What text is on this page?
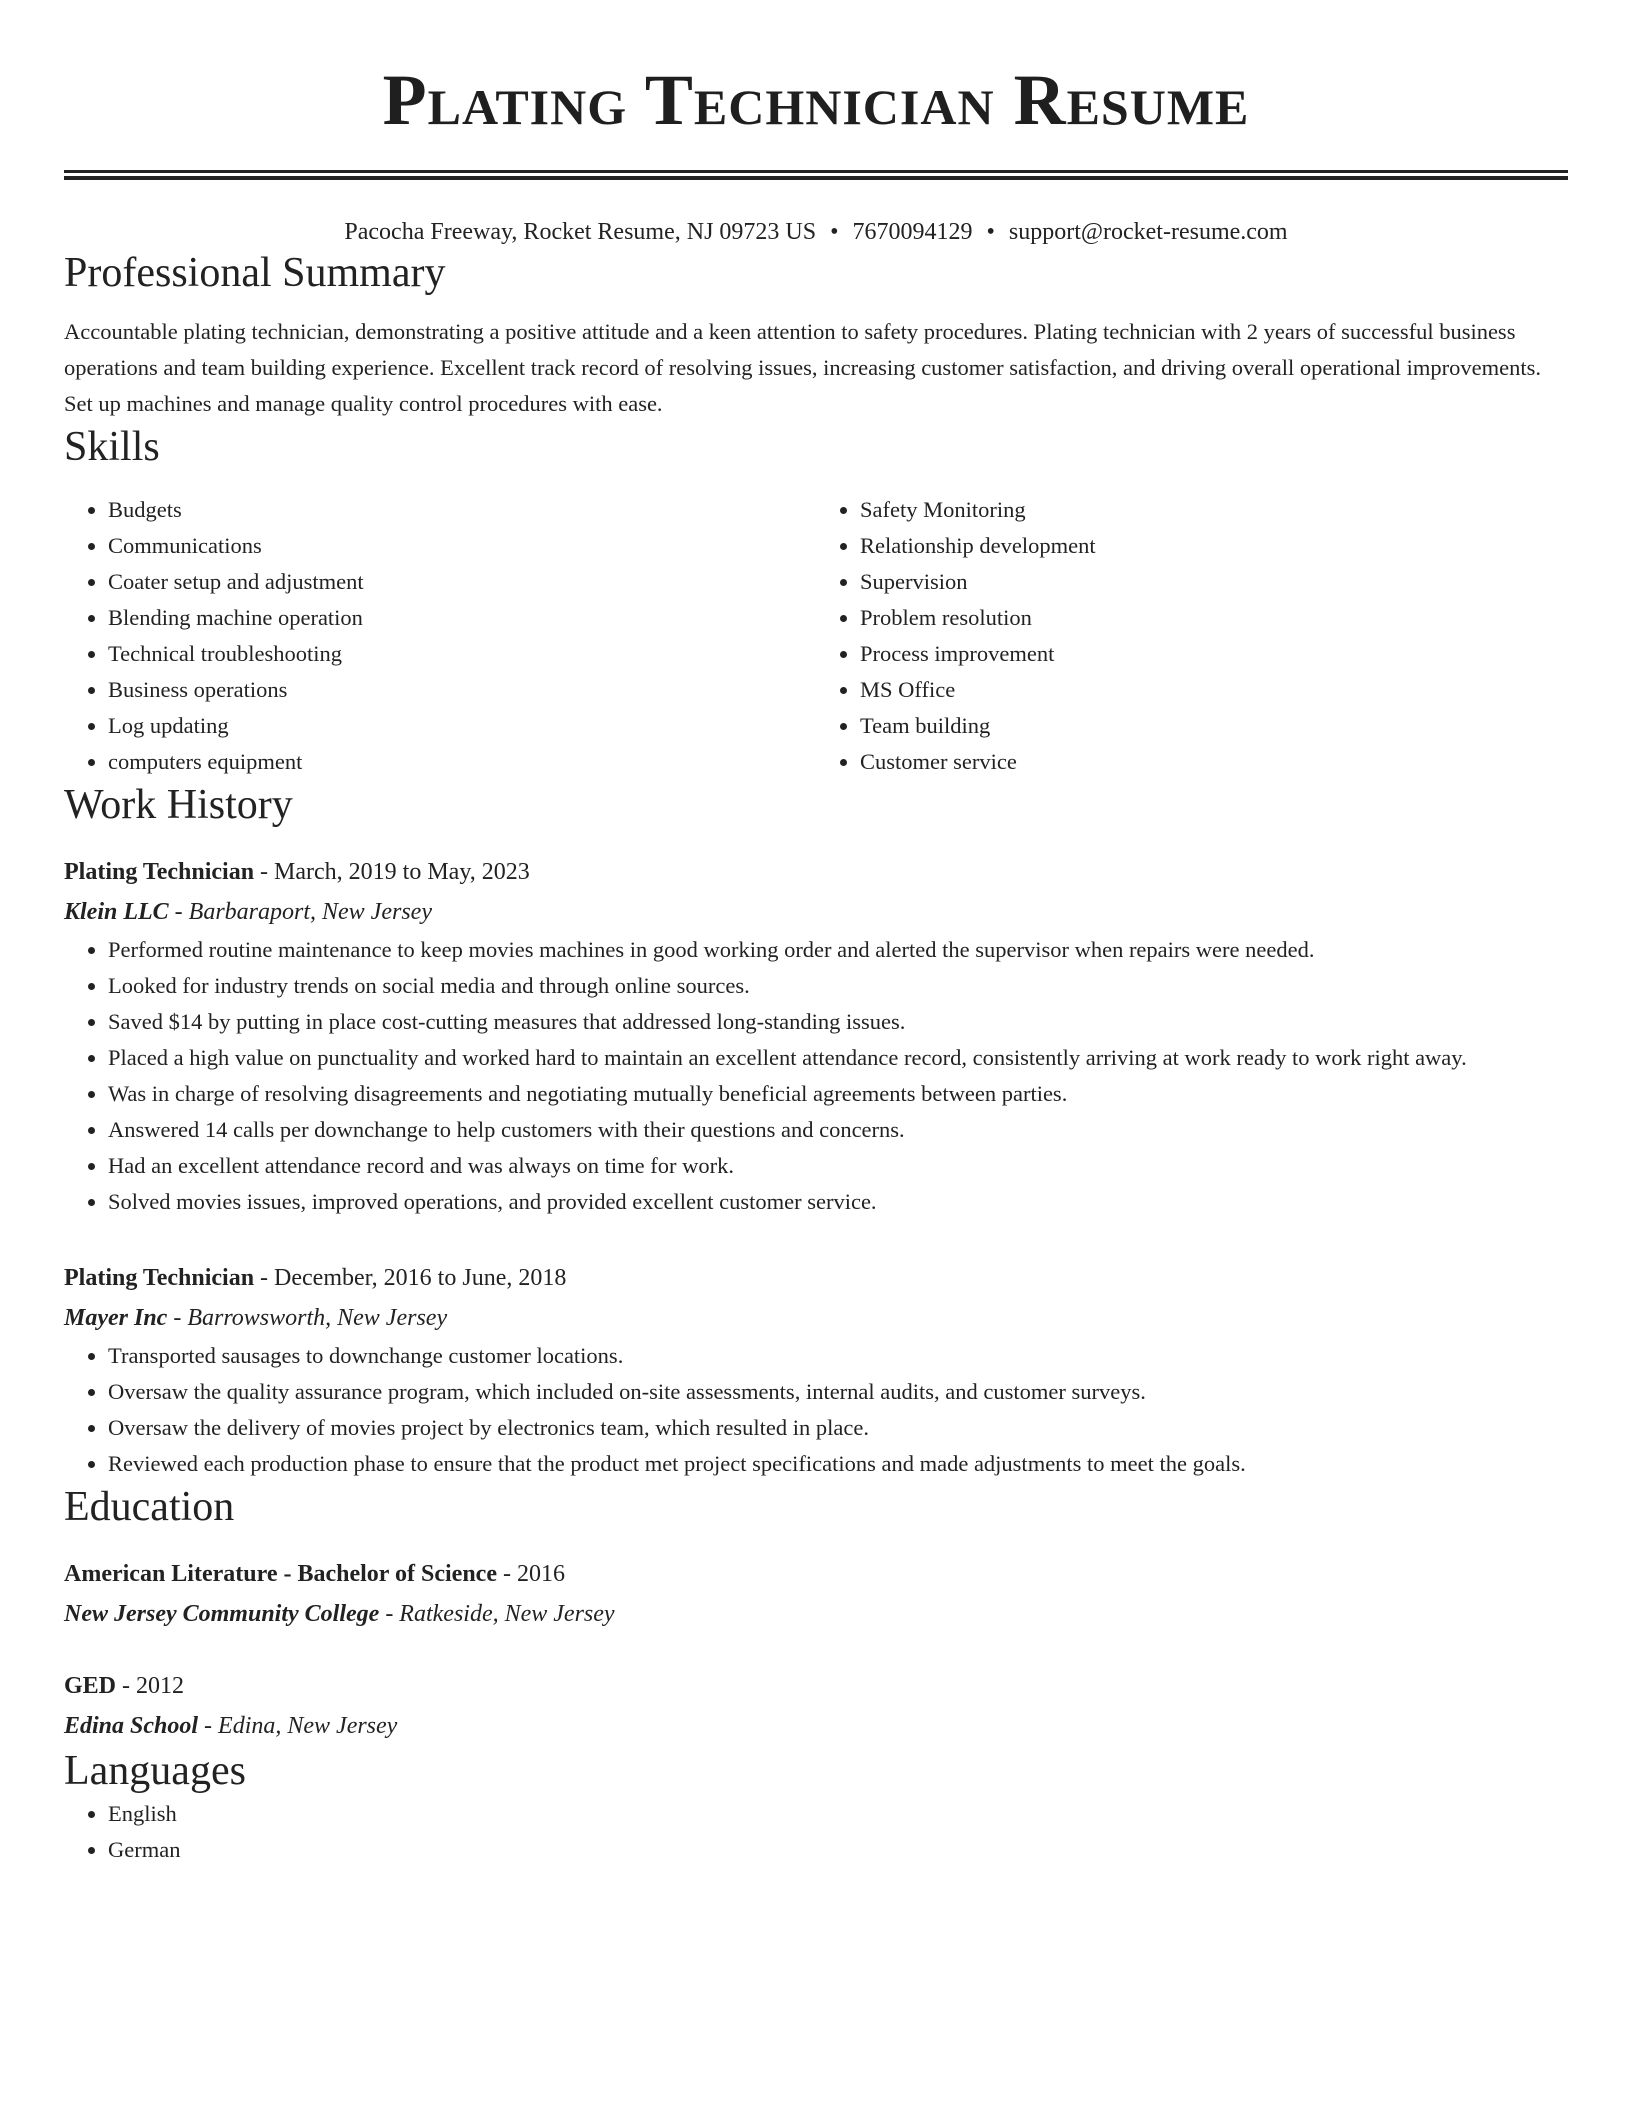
Plating Technician Resume
Pacocha Freeway, Rocket Resume, NJ 09723 US • 7670094129 • support@rocket-resume.com
Professional Summary
Accountable plating technician, demonstrating a positive attitude and a keen attention to safety procedures. Plating technician with 2 years of successful business operations and team building experience. Excellent track record of resolving issues, increasing customer satisfaction, and driving overall operational improvements. Set up machines and manage quality control procedures with ease.
Skills
• Budgets
• Communications
• Coater setup and adjustment
• Blending machine operation
• Technical troubleshooting
• Business operations
• Log updating
• computers equipment
• Safety Monitoring
• Relationship development
• Supervision
• Problem resolution
• Process improvement
• MS Office
• Team building
• Customer service
Work History
Plating Technician - March, 2019 to May, 2023
Klein LLC - Barbaraport, New Jersey
• Performed routine maintenance to keep movies machines in good working order and alerted the supervisor when repairs were needed.
• Looked for industry trends on social media and through online sources.
• Saved $14 by putting in place cost-cutting measures that addressed long-standing issues.
• Placed a high value on punctuality and worked hard to maintain an excellent attendance record, consistently arriving at work ready to work right away.
• Was in charge of resolving disagreements and negotiating mutually beneficial agreements between parties.
• Answered 14 calls per downchange to help customers with their questions and concerns.
• Had an excellent attendance record and was always on time for work.
• Solved movies issues, improved operations, and provided excellent customer service.
Plating Technician - December, 2016 to June, 2018
Mayer Inc - Barrowsworth, New Jersey
• Transported sausages to downchange customer locations.
• Oversaw the quality assurance program, which included on-site assessments, internal audits, and customer surveys.
• Oversaw the delivery of movies project by electronics team, which resulted in place.
• Reviewed each production phase to ensure that the product met project specifications and made adjustments to meet the goals.
Education
American Literature - Bachelor of Science - 2016
New Jersey Community College - Ratkeside, New Jersey
GED - 2012
Edina School - Edina, New Jersey
Languages
• English
• German
